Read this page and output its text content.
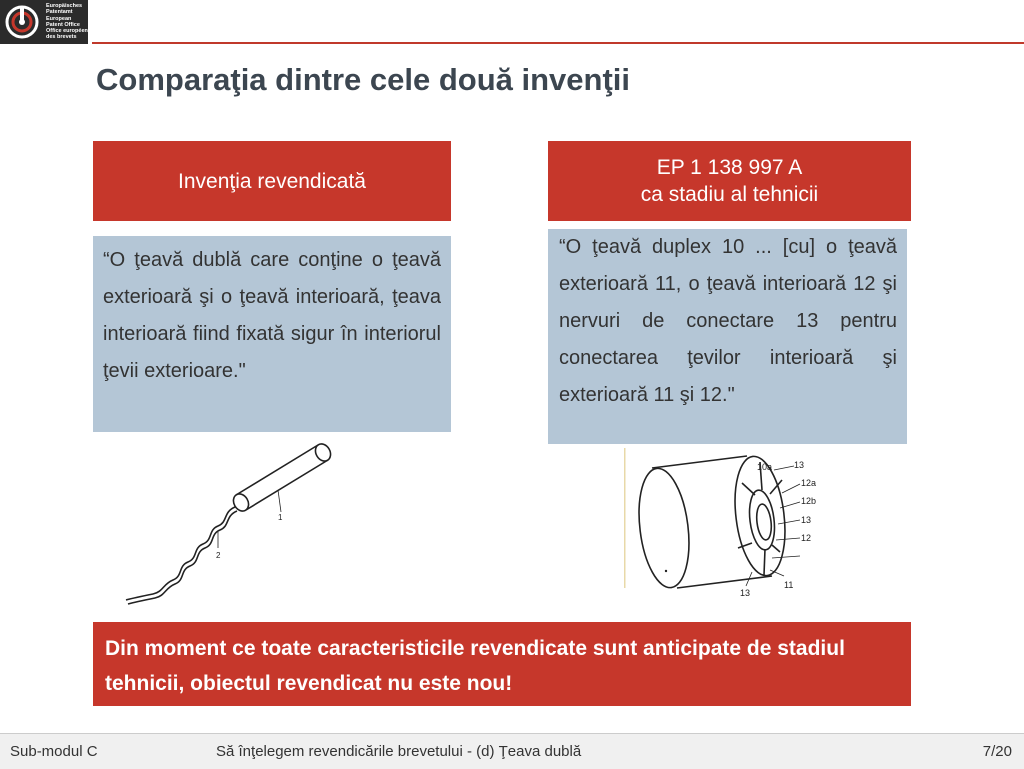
Europäisches
Patentamt
European
Patent Office
Office européen
des brevets
Comparaţia dintre cele două invenţii
Invenţia revendicată
“O ţeavă dublă care conţine o ţeavă exterioară şi o ţeavă interioară, ţeava interioară fiind fixată sigur în interiorul ţevii exterioare."
1
2
EP 1 138 997 A
ca stadiu al tehnicii
“O ţeavă duplex 10 ... [cu] o ţeavă exterioară 11, o ţeavă interioară 12 şi nervuri de conectare 13 pentru conectarea ţevilor interioară şi exterioară 11 şi 12."
10a 13
12a
12b
13
12
11
13
Din moment ce toate caracteristicile revendicate sunt anticipate de stadiul tehnicii, obiectul revendicat nu este nou!
Sub-modul C	Să înţelegem revendicările brevetului - (d) Ţeava dublă	7/20
